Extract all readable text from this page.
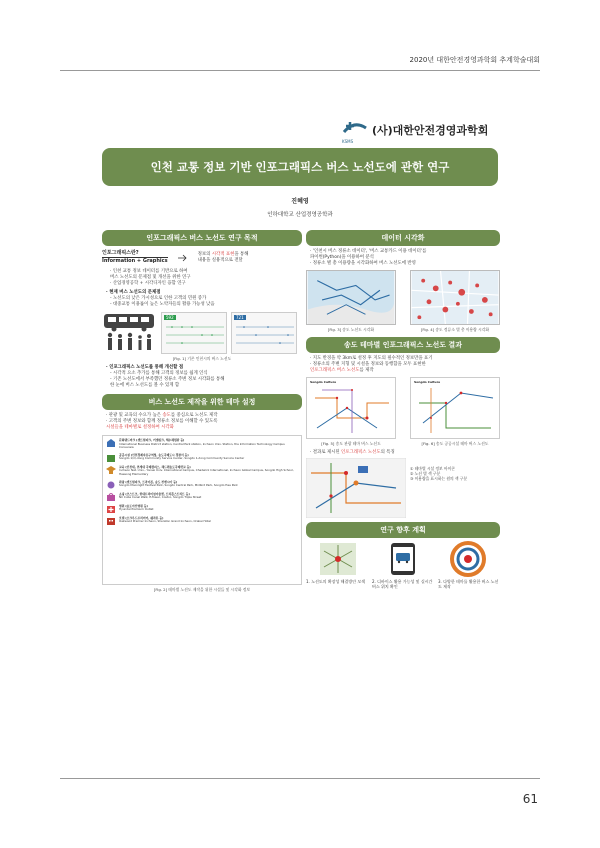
2020년 대한안전경영과학회 추계학술대회
KSMS
(사)대한안전경영과학회
인천 교통 정보 기반 인포그래픽스 버스 노선도에 관한 연구
진혜영
인하대학교 산업경영공학과
인포그래픽스 버스 노선도 연구 목적
인포그래픽스란?
Information + Graphics
정보의 시각적 표현을 통해
내용을 실용적으로 전달
· 인천 교통 정보 데이터를 기반으로 하여
버스 노선도의 문제점 및 개선을 위한 연구
· 산업경영공학 + 시각디자인 융합 연구
· 현재 버스 노선도의 문제점
- 노선도의 낮은 가시성으로 인한 고객의 민원 증가
- 대중교통 이용률이 높은 노약자들의 활용 가능성 낮음
592	721
[Fig. 1] 기존 인천시의 버스 노선도
· 인포그래픽스 노선도를 통해 개선할 점
- 시각적 요소 추가를 통해 고객의 정보를 쉽게 인식
- 기존 노선도에서 부족했던 정류소 주변 정보 시각화를 통해
한 눈에 버스 노선도를 볼 수 있게 함
버스 노선도 제작을 위한 테마 설정
· 관광 및 교육의 수요가 높은 송도를 중심으로 노선도 제작
· 고객의 주변 정보와 함께 정류소 정보를 이해할 수 있도록
시설들을 테마별로 설정하여 시각화
문화랜드마크 (센트럴파크, 커낼워크, 해수체험관 등)
International Business District station, Central Park station, Incheon Univ. Station, the Information Technology Campus Convensia
공공시설 (인천경제자유구역청, 송도국제도시 경찰서 등)
Songdo 1(il)-dong Community Service Center, Songdo 1-dong Community Service Center
교육 (인천대, 연세대 국제캠퍼스, 채드윅송도국제학교 등)
Incheon Nat. Univ., Yonsei Univ. International Campus, Chadwick International, Incheon Global Campus, Songdo High School, Haesong Elementary
관광 (센트럴파크, 트라이볼, 송도 컨벤시아 등)
Songdo Moonlight Festival Park, Songdo Central Park, Midbird Park, Songdo Hae Park
쇼핑 (코스트코, 현대프리미엄아울렛, 트리플스트리트 등)
NC Cube Canal Walk, E-Tower, Costco, Songdo Triple Street
병원 (송도아산병원 등)
Hyundai Premium Outlet
호텔 (오크우드프리미어, 쉐라톤 등)
Oakwood Premier Incheon, Sheraton Grand Incheon, Orakai Hotel
[Fig. 2] 테마별 노선도 제작을 위한 시설들 및 시각화 정보
데이터 시각화
· '인천시 버스 정류소 데이터', '버스 교통카드 이용 데이터'를
파이썬(Python)을 이용하여 분석
· 정류소 별 총 이용량을 시각화하여 버스 노선도에 반영
[Fig. 3] 송도 노선도 시각화	[Fig. 4] 송도 정류소 별 총 이용량 시각화
송도 테마별 인포그래픽스 노선도 결과
· 지도 반경을 약 3km로 설정 후 지도의 필수적인 정보만을 표기
· 정류소의 주변 지형 및 시설을 정보와 동행함을 모두 표현한
인포그래픽스 버스 노선도를 제작
Songdo Culture	Songdo Culture
[Fig. 5] 송도 관광 테마 버스 노선도	[Fig. 6] 송도 공공시설 테마 버스 노선도
· 결과로 제시된 인포그래픽스 노선도의 특징
① 테마별 시설 정보 아이콘
② 노선 별 색 구분
③ 이용량을 표시하는 원의 색 구분
연구 향후 계획
1. 노선도의 확장성 해결방안 모색	2. 디바이스 활용 가능성 및 실시간 버스 위치 확인
3. 다양한 테마를 활용한 버스 노선도 제작
61
